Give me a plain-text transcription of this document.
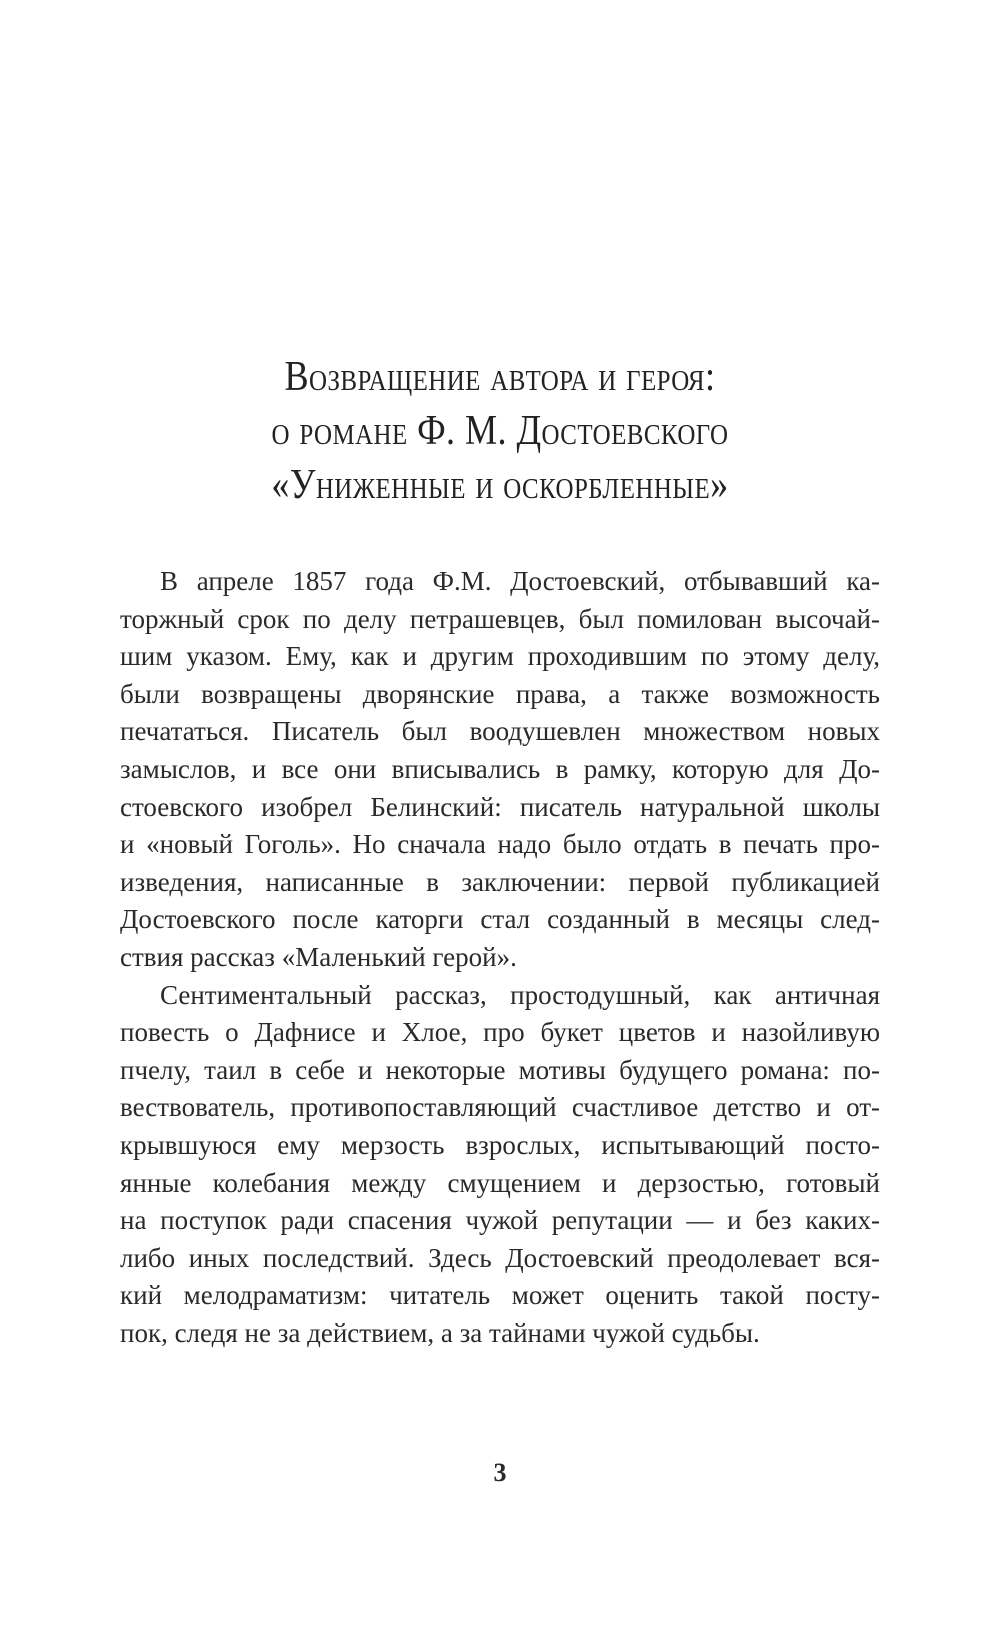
Возвращение автора и героя:
о романе Ф. М. Достоевского
«Униженные и оскорбленные»
В апреле 1857 года Ф.М. Достоевский, отбывавший ка-
торжный срок по делу петрашевцев, был помилован высочай-
шим указом. Ему, как и другим проходившим по этому делу,
были возвращены дворянские права, а также возможность
печататься. Писатель был воодушевлен множеством новых
замыслов, и все они вписывались в рамку, которую для До-
стоевского изобрел Белинский: писатель натуральной школы
и «новый Гоголь». Но сначала надо было отдать в печать про-
изведения, написанные в заключении: первой публикацией
Достоевского после каторги стал созданный в месяцы след-
ствия рассказ «Маленький герой».
Сентиментальный рассказ, простодушный, как античная
повесть о Дафнисе и Хлое, про букет цветов и назойливую
пчелу, таил в себе и некоторые мотивы будущего романа: по-
вествователь, противопоставляющий счастливое детство и от-
крывшуюся ему мерзость взрослых, испытывающий посто-
янные колебания между смущением и дерзостью, готовый
на поступок ради спасения чужой репутации — и без каких-
либо иных последствий. Здесь Достоевский преодолевает вся-
кий мелодраматизм: читатель может оценить такой посту-
пок, следя не за действием, а за тайнами чужой судьбы.
3
